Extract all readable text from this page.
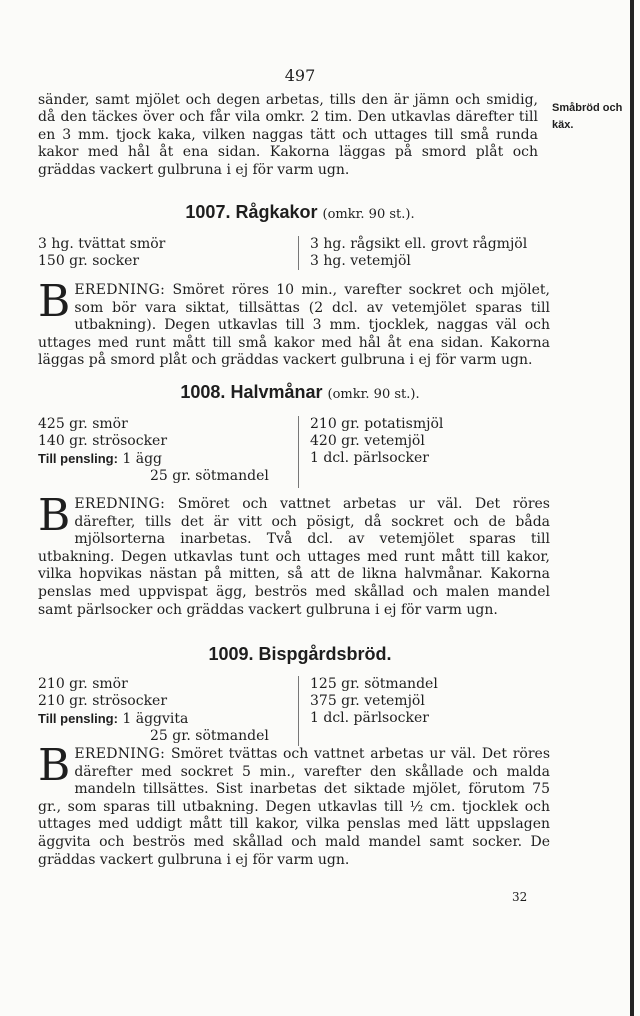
497
sänder, samt mjölet och degen arbetas, tills den är jämn och smidig, då den täckes över och får vila omkr. 2 tim. Den utkavlas därefter till en 3 mm. tjock kaka, vilken naggas tätt och uttages till små runda kakor med hål åt ena sidan. Kakorna läggas på smord plåt och gräddas vackert gulbruna i ej för varm ugn.
Småbröd och käx.
1007. Rågkakor (omkr. 90 st.).
3 hg. tvättat smör
150 gr. socker
3 hg. rågsikt ell. grovt rågmjöl
3 hg. vetemjöl
BEREDNING: Smöret röres 10 min., varefter sockret och mjölet, som bör vara siktat, tillsättas (2 dcl. av vetemjölet sparas till utbakning). Degen utkavlas till 3 mm. tjocklek, naggas väl och uttages med runt mått till små kakor med hål åt ena sidan. Kakorna läggas på smord plåt och gräddas vackert gulbruna i ej för varm ugn.
1008. Halvmånar (omkr. 90 st.).
425 gr. smör
140 gr. strösocker
Till pensling: 1 ägg
25 gr. sötmandel
210 gr. potatismjöl
420 gr. vetemjöl
1 dcl. pärlsocker
BEREDNING: Smöret och vattnet arbetas ur väl. Det röres därefter, tills det är vitt och pösigt, då sockret och de båda mjölsorterna inarbetas. Två dcl. av vetemjölet sparas till utbakning. Degen utkavlas tunt och uttages med runt mått till kakor, vilka hopvikas nästan på mitten, så att de likna halvmånar. Kakorna penslas med uppvispat ägg, beströs med skållad och malen mandel samt pärlsocker och gräddas vackert gulbruna i ej för varm ugn.
1009. Bispgårdsbröd.
210 gr. smör
210 gr. strösocker
Till pensling: 1 äggvita
25 gr. sötmandel
125 gr. sötmandel
375 gr. vetemjöl
1 dcl. pärlsocker
BEREDNING: Smöret tvättas och vattnet arbetas ur väl. Det röres därefter med sockret 5 min., varefter den skållade och malda mandeln tillsättes. Sist inarbetas det siktade mjölet, förutom 75 gr., som sparas till utbakning. Degen utkavlas till ½ cm. tjocklek och uttages med uddigt mått till kakor, vilka penslas med lätt uppslagen äggvita och beströs med skållad och mald mandel samt socker. De gräddas vackert gulbruna i ej för varm ugn.
32
